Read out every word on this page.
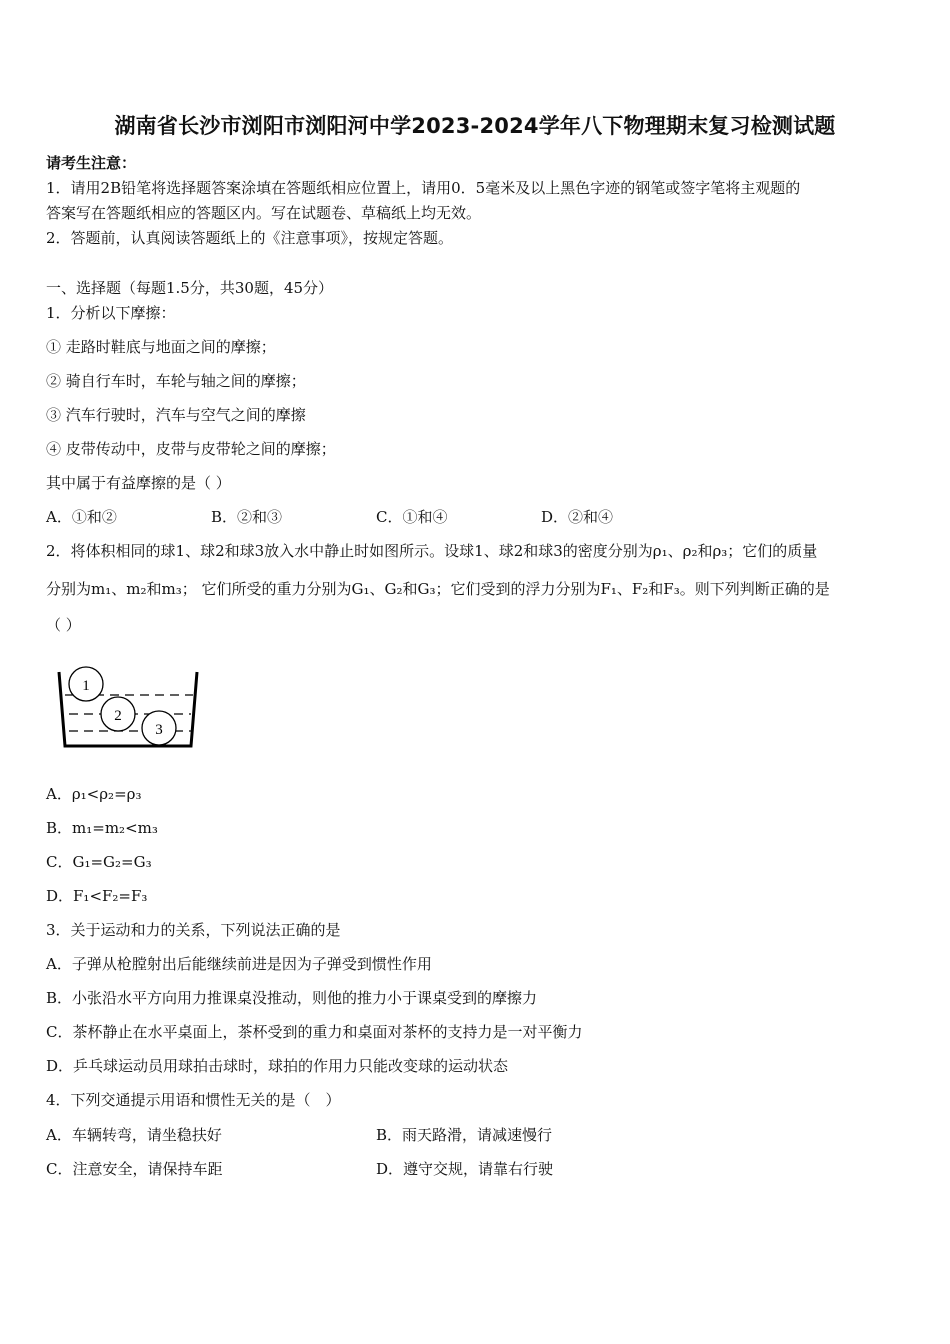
湖南省长沙市浏阳市浏阳河中学2023-2024学年八下物理期末复习检测试题
请考生注意：
1．请用2B铅笔将选择题答案涂填在答题纸相应位置上，请用0．5毫米及以上黑色字迹的钢笔或签字笔将主观题的
答案写在答题纸相应的答题区内。写在试题卷、草稿纸上均无效。
2．答题前，认真阅读答题纸上的《注意事项》，按规定答题。
一、选择题（每题1.5分，共30题，45分）
1．分析以下摩擦：
① 走路时鞋底与地面之间的摩擦；
② 骑自行车时，车轮与轴之间的摩擦；
③ 汽车行驶时，汽车与空气之间的摩擦
④ 皮带传动中，皮带与皮带轮之间的摩擦；
其中属于有益摩擦的是（ ）
A．①和②	B．②和③	C．①和④	D．②和④
2．将体积相同的球1、球2和球3放入水中静止时如图所示。设球1、球2和球3的密度分别为ρ₁、ρ₂和ρ₃；它们的质量
分别为m₁、m₂和m₃； 它们所受的重力分别为G₁、G₂和G₃；它们受到的浮力分别为F₁、F₂和F₃。则下列判断正确的是
（ ）
1
2
3
A．ρ₁<ρ₂=ρ₃
B．m₁=m₂<m₃
C．G₁=G₂=G₃
D．F₁<F₂=F₃
3．关于运动和力的关系，下列说法正确的是
A．子弹从枪膛射出后能继续前进是因为子弹受到惯性作用
B．小张沿水平方向用力推课桌没推动，则他的推力小于课桌受到的摩擦力
C．茶杯静止在水平桌面上，茶杯受到的重力和桌面对茶杯的支持力是一对平衡力
D．乒乓球运动员用球拍击球时，球拍的作用力只能改变球的运动状态
4．下列交通提示用语和惯性无关的是（　）
A．车辆转弯，请坐稳扶好	B．雨天路滑，请减速慢行
C．注意安全，请保持车距	D．遵守交规，请靠右行驶
